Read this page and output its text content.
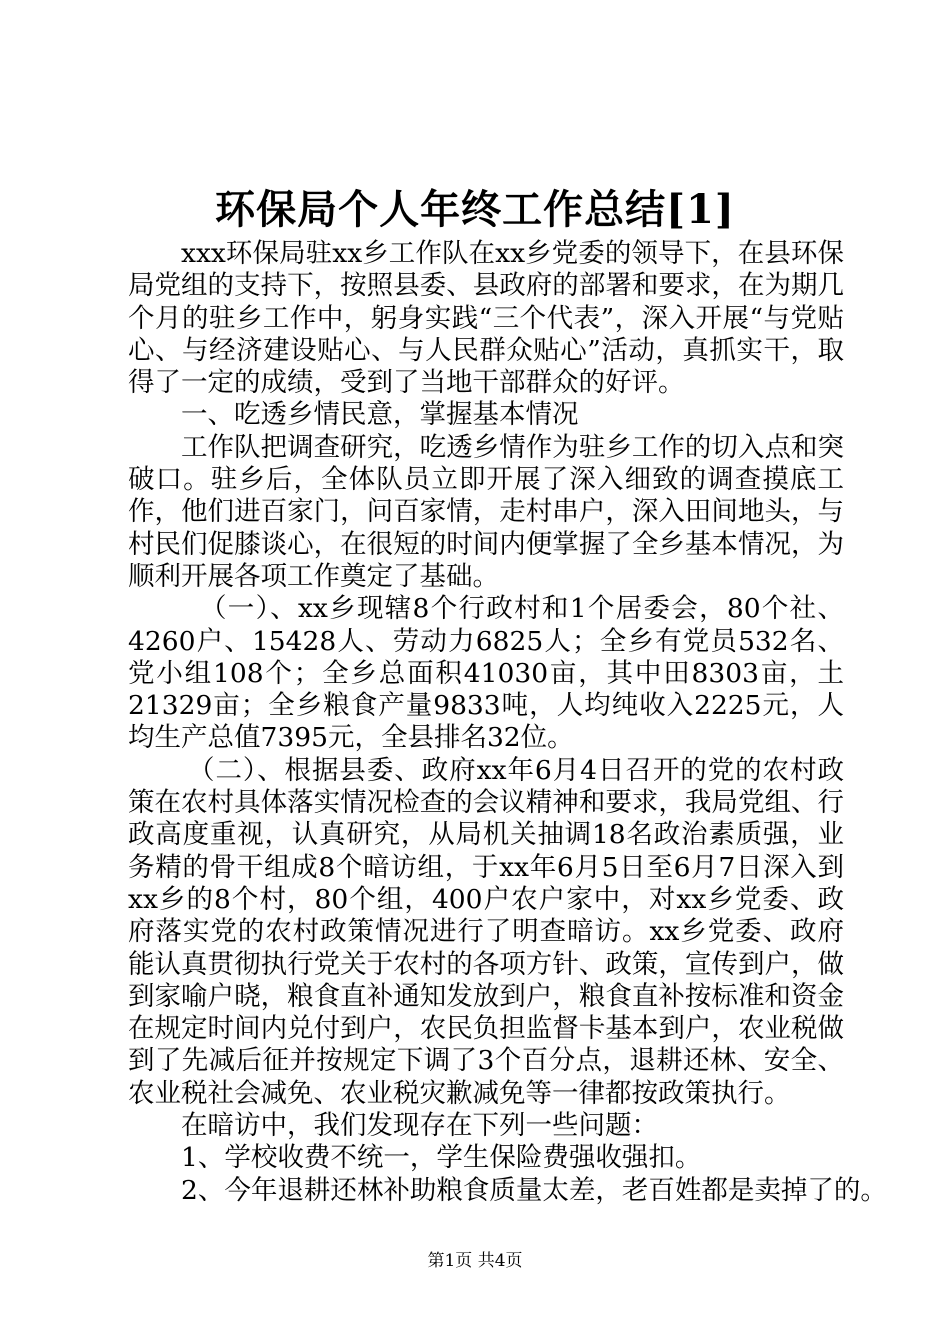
环保局个人年终工作总结[1]

xxx环保局驻xx乡工作队在xx乡党委的领导下，在县环保局党组的支持下，按照县委、县政府的部署和要求，在为期几个月的驻乡工作中，躬身实践“三个代表”，深入开展“与党贴心、与经济建设贴心、与人民群众贴心”活动，真抓实干，取得了一定的成绩，受到了当地干部群众的好评。

一、吃透乡情民意，掌握基本情况

工作队把调查研究，吃透乡情作为驻乡工作的切入点和突破口。驻乡后，全体队员立即开展了深入细致的调查摸底工作，他们进百家门，问百家情，走村串户，深入田间地头，与村民们促膝谈心，在很短的时间内便掌握了全乡基本情况，为顺利开展各项工作奠定了基础。

（一）、xx乡现辖8个行政村和1个居委会，80个社、4260户、15428人、劳动力6825人；全乡有党员532名、党小组108个；全乡总面积41030亩，其中田8303亩，土21329亩；全乡粮食产量9833吨，人均纯收入2225元，人均生产总值7395元，全县排名32位。

（二）、根据县委、政府xx年6月4日召开的党的农村政策在农村具体落实情况检查的会议精神和要求，我局党组、行政高度重视，认真研究，从局机关抽调18名政治素质强，业务精的骨干组成8个暗访组，于xx年6月5日至6月7日深入到xx乡的8个村，80个组，400户农户家中，对xx乡党委、政府落实党的农村政策情况进行了明查暗访。xx乡党委、政府能认真贯彻执行党关于农村的各项方针、政策，宣传到户，做到家喻户晓，粮食直补通知发放到户，粮食直补按标准和资金在规定时间内兑付到户，农民负担监督卡基本到户，农业税做到了先减后征并按规定下调了3个百分点，退耕还林、安全、农业税社会减免、农业税灾歉减免等一律都按政策执行。

在暗访中，我们发现存在下列一些问题：

1、学校收费不统一，学生保险费强收强扣。

2、今年退耕还林补助粮食质量太差，老百姓都是卖掉了的。

第1页 共4页
